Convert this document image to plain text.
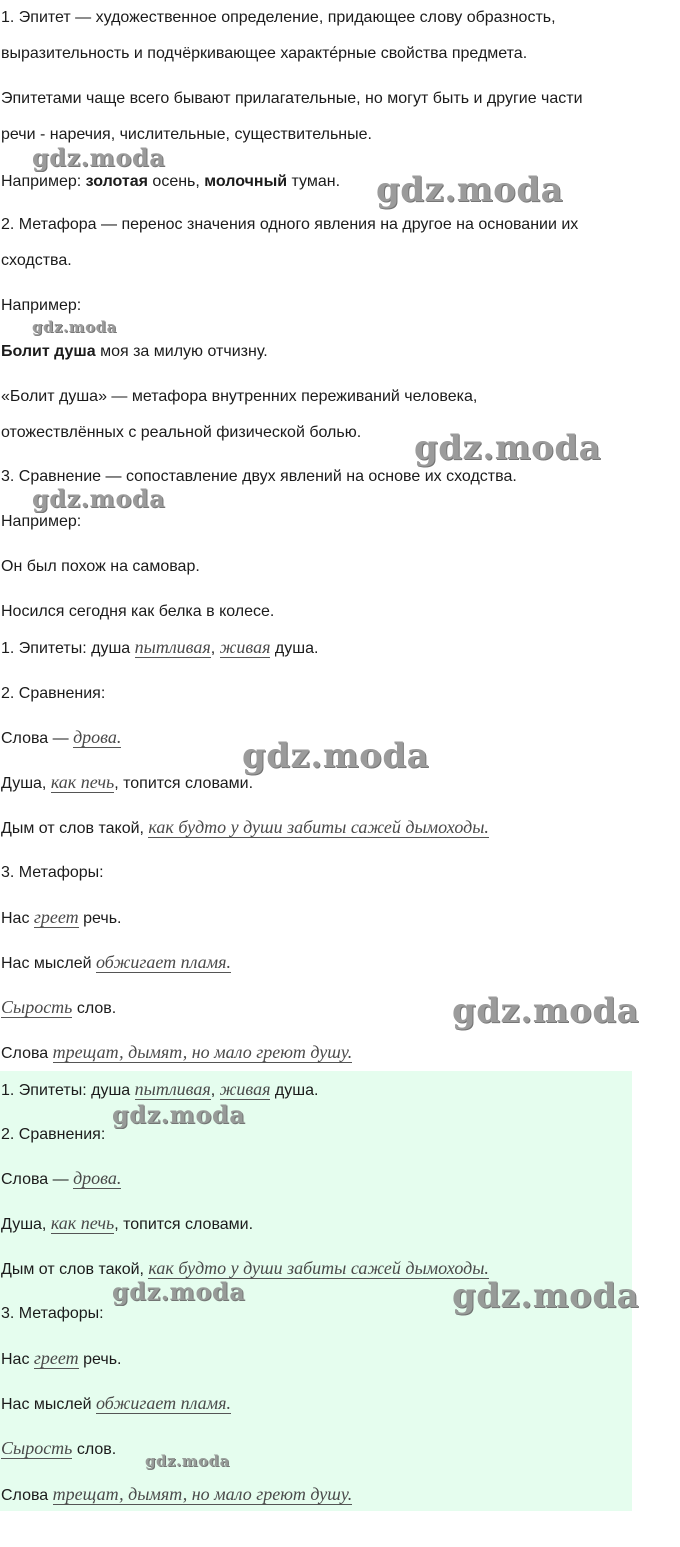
1. Эпитет — художественное определение, придающее слову образность,

выразительность и подчёркивающее характе́рные свойства предмета.

Эпитетами чаще всего бывают прилагательные, но могут быть и другие части

речи - наречия, числительные, существительные.

Например: золотая осень, молочный туман.

2. Метафора — перенос значения одного явления на другое на основании их

сходства.

Например:

Болит душа моя за милую отчизну.

«Болит душа» — метафора внутренних переживаний человека,

отожествлённых с реальной физической болью.

3. Сравнение — сопоставление двух явлений на основе их сходства.

Например:

Он был похож на самовар.

Носился сегодня как белка в колесе.

1. Эпитеты: душа пытливая, живая душа.

2. Сравнения:

Слова — дрова.

Душа, как печь, топится словами.

Дым от слов такой, как будто у души забиты сажей дымоходы.

3. Метафоры:

Нас греет речь.

Нас мыслей обжигает пламя.

Сырость слов.

Слова трещат, дымят, но мало греют душу.

1. Эпитеты: душа пытливая, живая душа.

2. Сравнения:

Слова — дрова.

Душа, как печь, топится словами.

Дым от слов такой, как будто у души забиты сажей дымоходы.

3. Метафоры:

Нас греет речь.

Нас мыслей обжигает пламя.

Сырость слов.

Слова трещат, дымят, но мало греют душу.

gdz.moda
gdz.moda
gdz.moda
gdz.moda
gdz.moda
gdz.moda
gdz.moda
gdz.moda
gdz.moda	gdz.moda
gdz.moda
